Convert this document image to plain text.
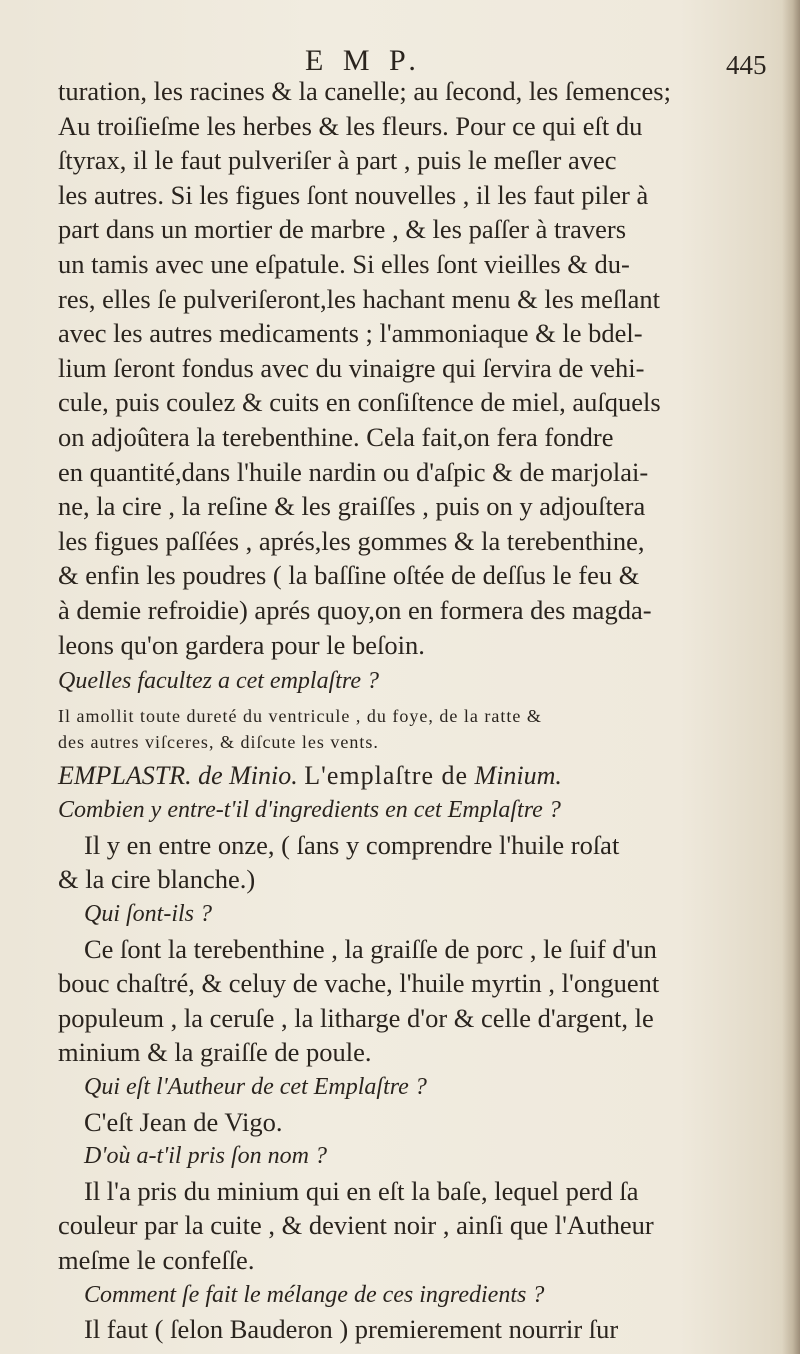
E M P.	445
turation, les racines & la canelle; au ſecond, les ſemences;
Au troiſieſme les herbes & les fleurs. Pour ce qui eſt du
ſtyrax, il le faut pulveriſer à part , puis le meſler avec
les autres. Si les figues ſont nouvelles , il les faut piler à
part dans un mortier de marbre , & les paſſer à travers
un tamis avec une eſpatule. Si elles ſont vieilles & du-
res, elles ſe pulveriſeront,les hachant menu & les meſlant
avec les autres medicaments ; l'ammoniaque & le bdel-
lium ſeront fondus avec du vinaigre qui ſervira de vehi-
cule, puis coulez & cuits en conſiſtence de miel, auſquels
on adjoûtera la terebenthine. Cela fait,on fera fondre
en quantité,dans l'huile nardin ou d'aſpic & de marjolai-
ne, la cire , la reſine & les graiſſes , puis on y adjouſtera
les figues paſſées , aprés,les gommes & la terebenthine,
& enfin les poudres ( la baſſine oſtée de deſſus le feu &
à demie refroidie) aprés quoy,on en formera des magda-
leons qu'on gardera pour le beſoin.
Quelles facultez a cet emplaſtre ?
Il amollit toute dureté du ventricule , du foye, de la ratte &
des autres viſceres, & diſcute les vents.
EMPLASTR. de Minio. L'emplaſtre de Minium.
Combien y entre-t'il d'ingredients en cet Emplaſtre ?
Il y en entre onze, ( ſans y comprendre l'huile roſat
& la cire blanche.)
Qui ſont-ils ?
Ce ſont la terebenthine , la graiſſe de porc , le ſuif d'un
bouc chaſtré, & celuy de vache, l'huile myrtin , l'onguent
populeum , la ceruſe , la litharge d'or & celle d'argent, le
minium & la graiſſe de poule.
Qui eſt l'Autheur de cet Emplaſtre ?
C'eſt Jean de Vigo.
D'où a-t'il pris ſon nom ?
Il l'a pris du minium qui en eſt la baſe, lequel perd ſa
couleur par la cuite , & devient noir , ainſi que l'Autheur
meſme le confeſſe.
Comment ſe fait le mélange de ces ingredients ?
Il faut ( ſelon Bauderon ) premierement nourrir ſur
